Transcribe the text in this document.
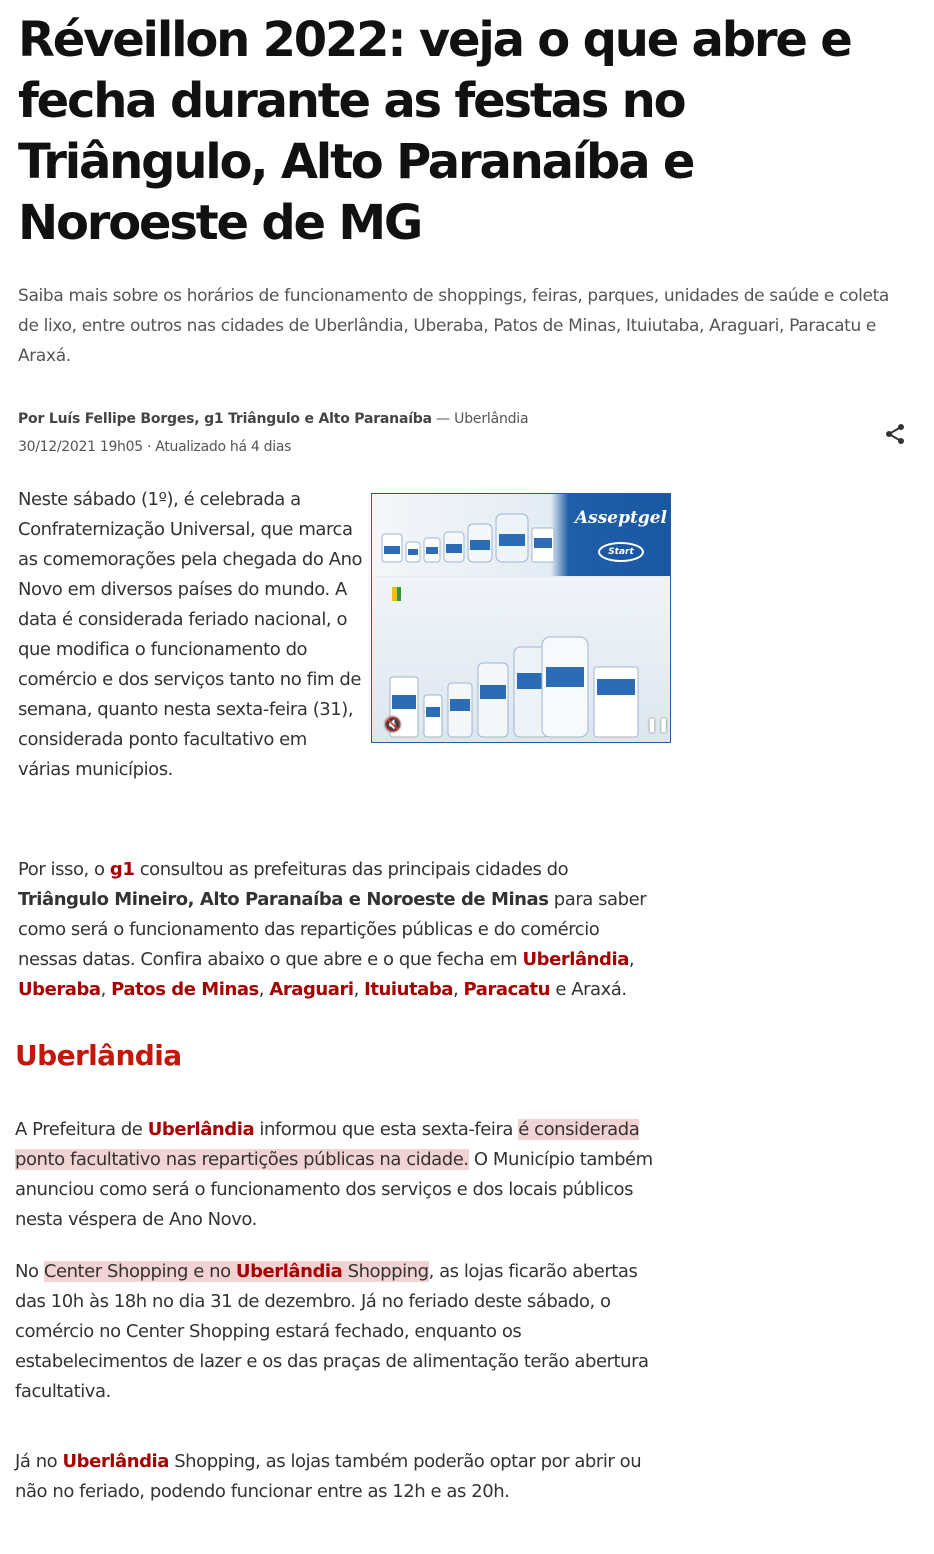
Réveillon 2022: veja o que abre e fecha durante as festas no Triângulo, Alto Paranaíba e Noroeste de MG

Saiba mais sobre os horários de funcionamento de shoppings, feiras, parques, unidades de saúde e coleta de lixo, entre outros nas cidades de Uberlândia, Uberaba, Patos de Minas, Ituiutaba, Araguari, Paracatu e Araxá.

Por Luís Fellipe Borges, g1 Triângulo e Alto Paranaíba — Uberlândia

30/12/2021 19h05 · Atualizado há 4 dias

Neste sábado (1º), é celebrada a Confraternização Universal, que marca as comemorações pela chegada do Ano Novo em diversos países do mundo. A data é considerada feriado nacional, o que modifica o funcionamento do comércio e dos serviços tanto no fim de semana, quanto nesta sexta-feira (31), considerada ponto facultativo em várias municípios.

Asseptgel
Start
🔇	❚❚

Por isso, o g1 consultou as prefeituras das principais cidades do Triângulo Mineiro, Alto Paranaíba e Noroeste de Minas para saber como será o funcionamento das repartições públicas e do comércio nessas datas. Confira abaixo o que abre e o que fecha em Uberlândia, Uberaba, Patos de Minas, Araguari, Ituiutaba, Paracatu e Araxá.

Uberlândia

A Prefeitura de Uberlândia informou que esta sexta-feira é considerada ponto facultativo nas repartições públicas na cidade. O Município também anunciou como será o funcionamento dos serviços e dos locais públicos nesta véspera de Ano Novo.

No Center Shopping e no Uberlândia Shopping, as lojas ficarão abertas das 10h às 18h no dia 31 de dezembro. Já no feriado deste sábado, o comércio no Center Shopping estará fechado, enquanto os estabelecimentos de lazer e os das praças de alimentação terão abertura facultativa.

Já no Uberlândia Shopping, as lojas também poderão optar por abrir ou não no feriado, podendo funcionar entre as 12h e as 20h.
